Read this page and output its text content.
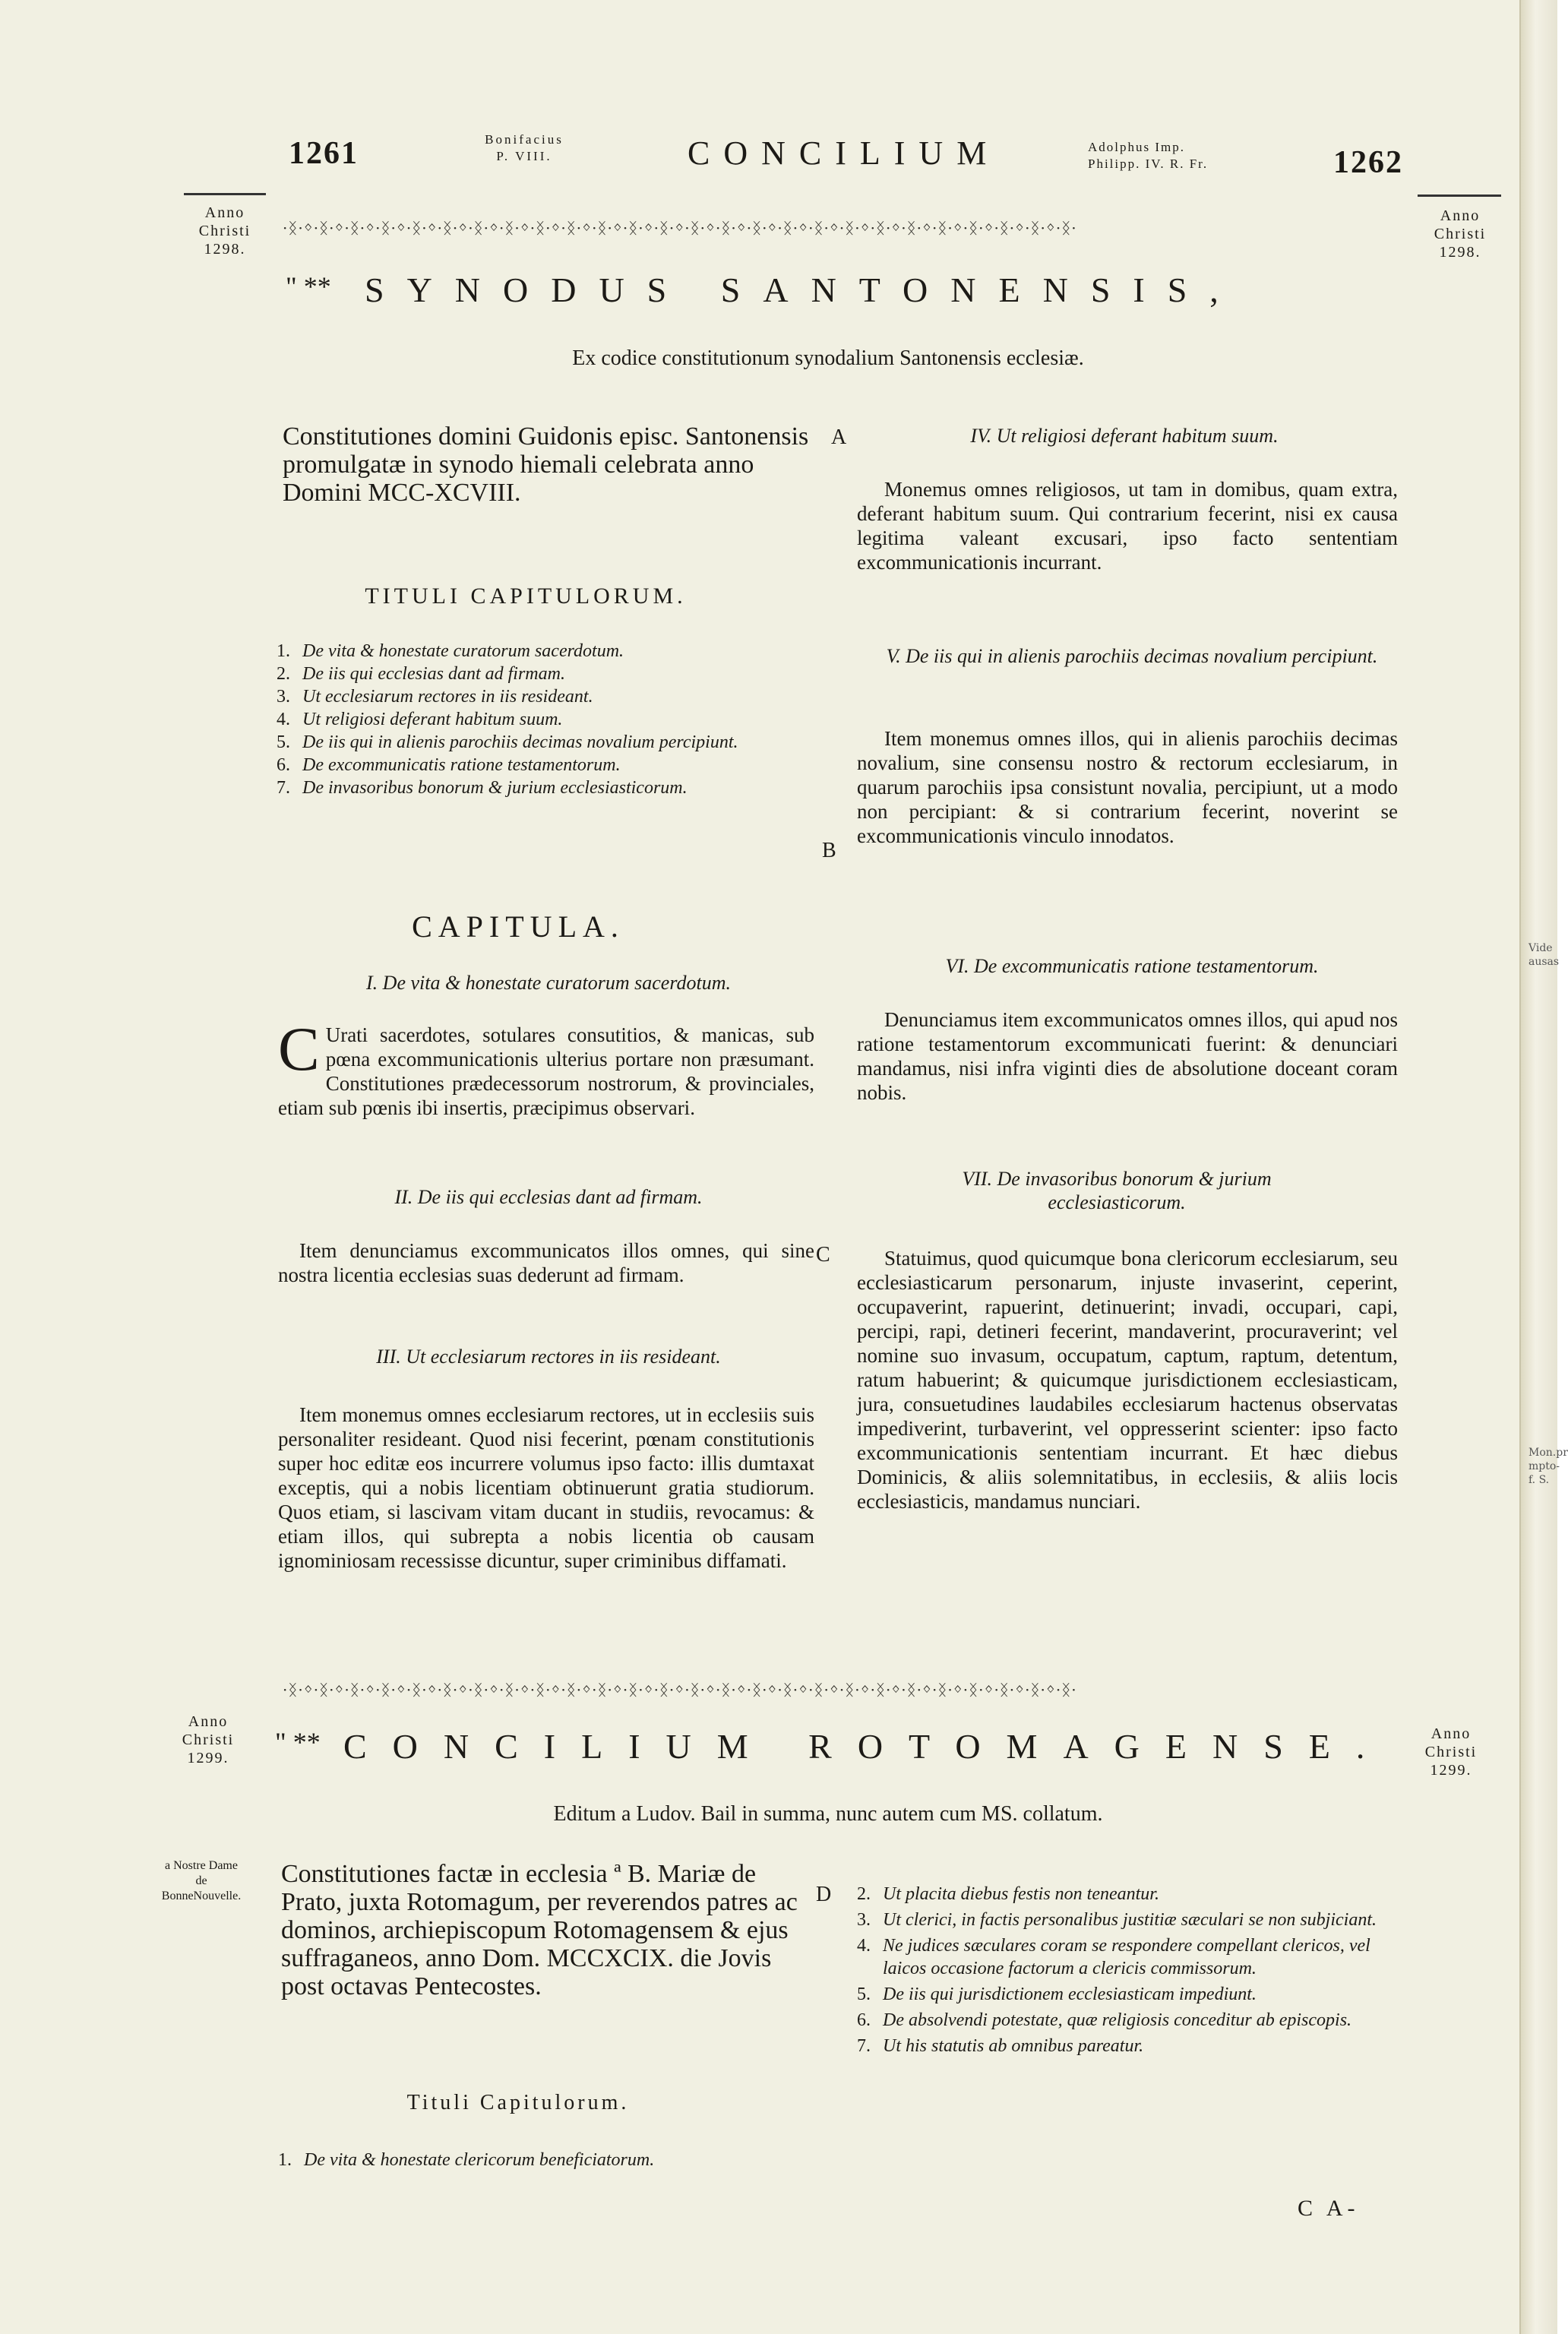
Vide
ausas
Mon.pr
mpto-
f. S.
1261	Bonifacius
P. VIII.	CONCILIUM	Adolphus Imp.
Philipp. IV. R. Fr.	1262
Anno
Christi
1298.
Anno
Christi
1298.
·ᛝ·ᛜ·ᛝ·ᛜ·ᛝ·ᛜ·ᛝ·ᛜ·ᛝ·ᛜ·ᛝ·ᛜ·ᛝ·ᛜ·ᛝ·ᛜ·ᛝ·ᛜ·ᛝ·ᛜ·ᛝ·ᛜ·ᛝ·ᛜ·ᛝ·ᛜ·ᛝ·ᛜ·ᛝ·ᛜ·ᛝ·ᛜ·ᛝ·ᛜ·ᛝ·ᛜ·ᛝ·ᛜ·ᛝ·ᛜ·ᛝ·ᛜ·ᛝ·ᛜ·ᛝ·ᛜ·ᛝ·ᛜ·ᛝ·ᛜ·ᛝ·
" ** SYNODUS SANTONENSIS,
Ex codice constitutionum synodalium Santonensis ecclesiæ.
Constitutiones domini Guidonis episc. Santonensis promulgatæ in synodo hiemali celebrata anno Domini MCC-XCVIII.
TITULI CAPITULORUM.
1. De vita & honestate curatorum sacerdotum.
2. De iis qui ecclesias dant ad firmam.
3. Ut ecclesiarum rectores in iis resideant.
4. Ut religiosi deferant habitum suum.
5. De iis qui in alienis parochiis decimas novalium percipiunt.
6. De excommunicatis ratione testamentorum.
7. De invasoribus bonorum & jurium ecclesiasticorum.
CAPITULA.
I. De vita & honestate curatorum sacerdotum.
C Urati sacerdotes, sotulares consutitios, & manicas, sub pœna excommunicationis ulterius portare non præsumant. Constitutiones prædecessorum nostrorum, & provinciales, etiam sub pœnis ibi insertis, præcipimus observari.
II. De iis qui ecclesias dant ad firmam.
Item denunciamus excommunicatos illos omnes, qui sine nostra licentia ecclesias suas dederunt ad firmam.
III. Ut ecclesiarum rectores in iis resideant.
Item monemus omnes ecclesiarum rectores, ut in ecclesiis suis personaliter resideant. Quod nisi fecerint, pœnam constitutionis super hoc editæ eos incurrere volumus ipso facto: illis dumtaxat exceptis, qui a nobis licentiam obtinuerunt gratia studiorum. Quos etiam, si lascivam vitam ducant in studiis, revocamus: & etiam illos, qui subrepta a nobis licentia ob causam ignominiosam recessisse dicuntur, super criminibus diffamati.
A
B
C
D
IV. Ut religiosi deferant habitum suum.
Monemus omnes religiosos, ut tam in domibus, quam extra, deferant habitum suum. Qui contrarium fecerint, nisi ex causa legitima valeant excusari, ipso facto sententiam excommunicationis incurrant.
V. De iis qui in alienis parochiis decimas novalium percipiunt.
Item monemus omnes illos, qui in alienis parochiis decimas novalium, sine consensu nostro & rectorum ecclesiarum, in quarum parochiis ipsa consistunt novalia, percipiunt, ut a modo non percipiant: & si contrarium fecerint, noverint se excommunicationis vinculo innodatos.
VI. De excommunicatis ratione testamentorum.
Denunciamus item excommunicatos omnes illos, qui apud nos ratione testamentorum excommunicati fuerint: & denunciari mandamus, nisi infra viginti dies de absolutione doceant coram nobis.
VII. De invasoribus bonorum & jurium ecclesiasticorum.
Statuimus, quod quicumque bona clericorum ecclesiarum, seu ecclesiasticarum personarum, injuste invaserint, ceperint, occupaverint, rapuerint, detinuerint; invadi, occupari, capi, percipi, rapi, detineri fecerint, mandaverint, procuraverint; vel nomine suo invasum, occupatum, captum, raptum, detentum, ratum habuerint; & quicumque jurisdictionem ecclesiasticam, jura, consuetudines laudabiles ecclesiarum hactenus observatas impediverint, turbaverint, vel oppresserint scienter: ipso facto excommunicationis sententiam incurrant. Et hæc diebus Dominicis, & aliis solemnitatibus, in ecclesiis, & aliis locis ecclesiasticis, mandamus nunciari.
·ᛝ·ᛜ·ᛝ·ᛜ·ᛝ·ᛜ·ᛝ·ᛜ·ᛝ·ᛜ·ᛝ·ᛜ·ᛝ·ᛜ·ᛝ·ᛜ·ᛝ·ᛜ·ᛝ·ᛜ·ᛝ·ᛜ·ᛝ·ᛜ·ᛝ·ᛜ·ᛝ·ᛜ·ᛝ·ᛜ·ᛝ·ᛜ·ᛝ·ᛜ·ᛝ·ᛜ·ᛝ·ᛜ·ᛝ·ᛜ·ᛝ·ᛜ·ᛝ·ᛜ·ᛝ·ᛜ·ᛝ·ᛜ·ᛝ·ᛜ·ᛝ·
Anno
Christi
1299.
Anno
Christi
1299.
" ** CONCILIUM ROTOMAGENSE.
Editum a Ludov. Bail in summa, nunc autem cum MS. collatum.
a Nostre Dame de BonneNouvelle.
Constitutiones factæ in ecclesia ª B. Mariæ de Prato, juxta Rotomagum, per reverendos patres ac dominos, archiepiscopum Rotomagensem & ejus suffraganeos, anno Dom. MCCXCIX. die Jovis post octavas Pentecostes.
Tituli Capitulorum.
1. De vita & honestate clericorum beneficiatorum.
2. Ut placita diebus festis non teneantur.
3. Ut clerici, in factis personalibus justitiæ sæculari se non subjiciant.
4. Ne judices sæculares coram se respondere compellant clericos, vel laicos occasione factorum a clericis commissorum.
5. De iis qui jurisdictionem ecclesiasticam impediunt.
6. De absolvendi potestate, quæ religiosis conceditur ab episcopis.
7. Ut his statutis ab omnibus pareatur.
C A-
